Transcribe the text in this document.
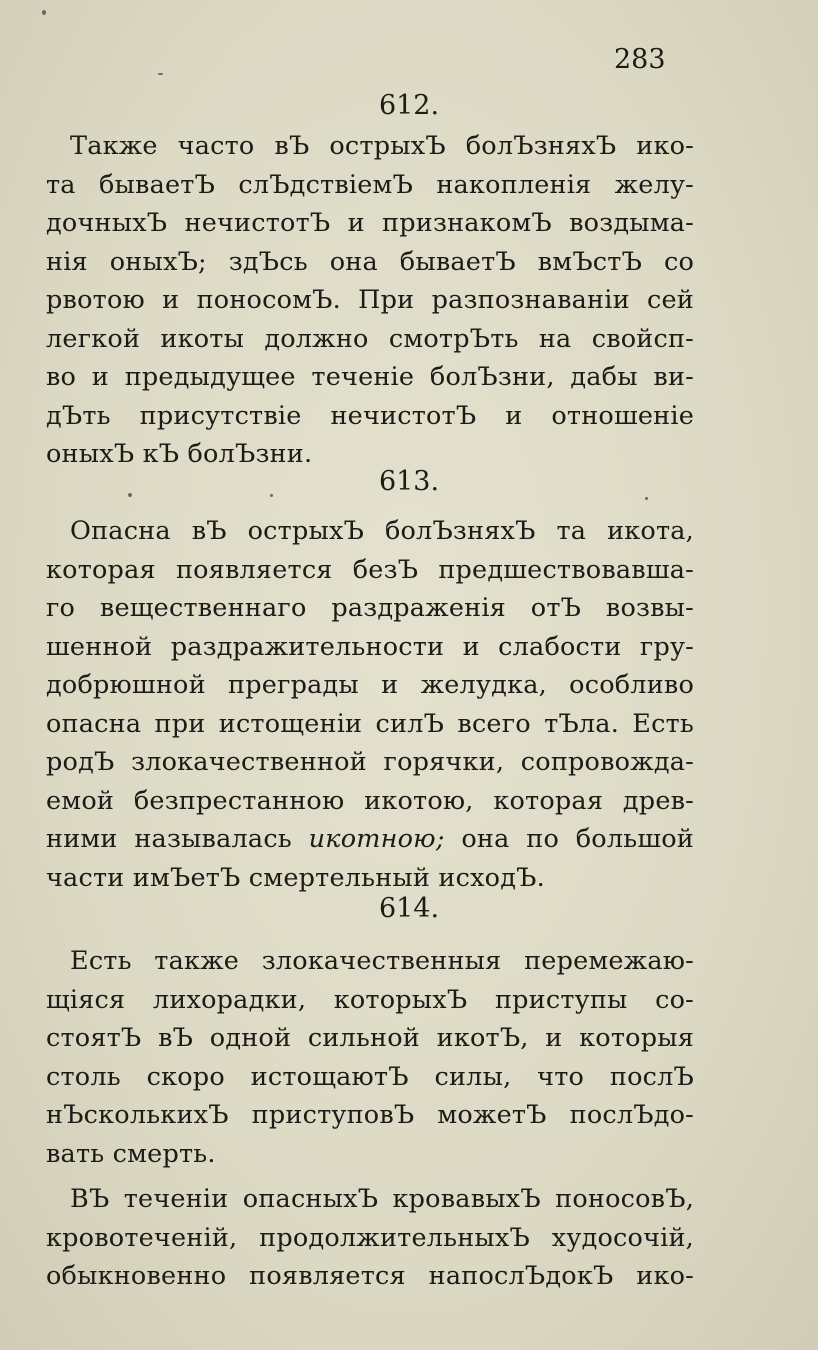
283
612.
Также часто вЪ острыхЪ болЪзняхЪ ико-
та бываетЪ слЪдствіемЪ накопленія желу-
дочныхЪ нечистотЪ и признакомЪ воздыма-
нія оныхЪ; здЪсь она бываетЪ вмЪстЪ со
рвотою и поносомЪ. При разпознаваніи сей
легкой икоты должно смотрЪть на свойсп-
во и предыдущее теченіе болЪзни, дабы ви-
дЪть присутствіе нечистотЪ и отношеніе
оныхЪ кЪ болЪзни.
613.
Опасна вЪ острыхЪ болЪзняхЪ та икота,
которая появляется безЪ предшествовавша-
го вещественнаго раздраженія отЪ возвы-
шенной раздражительности и слабости гру-
добрюшной преграды и желудка, особливо
опасна при истощеніи силЪ всего тЪла. Есть
родЪ злокачественной горячки, сопровожда-
емой безпрестанною икотою, которая древ-
ними называлась икотною; она по большой
части имЪетЪ смертельный исходЪ.
614.
Есть также злокачественныя перемежаю-
щіяся лихорадки, которыхЪ приступы со-
стоятЪ вЪ одной сильной икотЪ, и которыя
столь скоро истощаютЪ силы, что послЪ
нЪсколькихЪ приступовЪ можетЪ послЪдо-
вать смерть.
ВЪ теченіи опасныхЪ кровавыхЪ поносовЪ,
кровотеченій, продолжительныхЪ худосочій,
обыкновенно появляется напослЪдокЪ ико-
